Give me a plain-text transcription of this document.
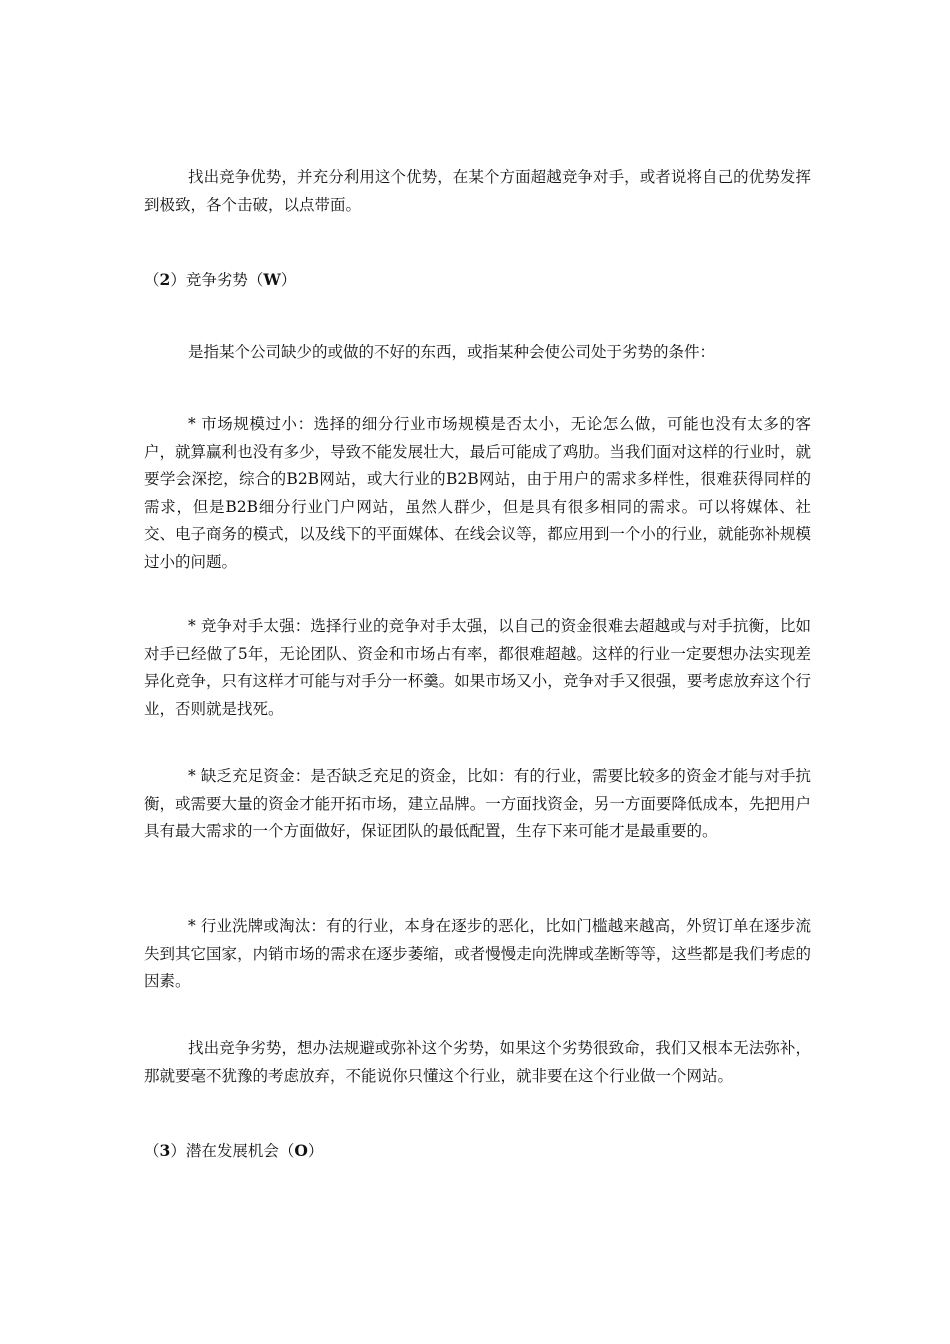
找出竞争优势，并充分利用这个优势，在某个方面超越竞争对手，或者说将自己的优势发挥到极致，各个击破，以点带面。

（2）竞争劣势（W）

是指某个公司缺少的或做的不好的东西，或指某种会使公司处于劣势的条件：

* 市场规模过小：选择的细分行业市场规模是否太小，无论怎么做，可能也没有太多的客户，就算赢利也没有多少，导致不能发展壮大，最后可能成了鸡肋。当我们面对这样的行业时，就要学会深挖，综合的B2B网站，或大行业的B2B网站，由于用户的需求多样性，很难获得同样的需求，但是B2B细分行业门户网站，虽然人群少，但是具有很多相同的需求。可以将媒体、社交、电子商务的模式，以及线下的平面媒体、在线会议等，都应用到一个小的行业，就能弥补规模过小的问题。

* 竞争对手太强：选择行业的竞争对手太强，以自己的资金很难去超越或与对手抗衡，比如对手已经做了5年，无论团队、资金和市场占有率，都很难超越。这样的行业一定要想办法实现差异化竞争，只有这样才可能与对手分一杯羹。如果市场又小，竞争对手又很强，要考虑放弃这个行业，否则就是找死。

* 缺乏充足资金：是否缺乏充足的资金，比如：有的行业，需要比较多的资金才能与对手抗衡，或需要大量的资金才能开拓市场，建立品牌。一方面找资金，另一方面要降低成本，先把用户具有最大需求的一个方面做好，保证团队的最低配置，生存下来可能才是最重要的。

* 行业洗牌或淘汰：有的行业，本身在逐步的恶化，比如门槛越来越高，外贸订单在逐步流失到其它国家，内销市场的需求在逐步萎缩，或者慢慢走向洗牌或垄断等等，这些都是我们考虑的因素。

找出竞争劣势，想办法规避或弥补这个劣势，如果这个劣势很致命，我们又根本无法弥补，那就要毫不犹豫的考虑放弃，不能说你只懂这个行业，就非要在这个行业做一个网站。

（3）潜在发展机会（O）
